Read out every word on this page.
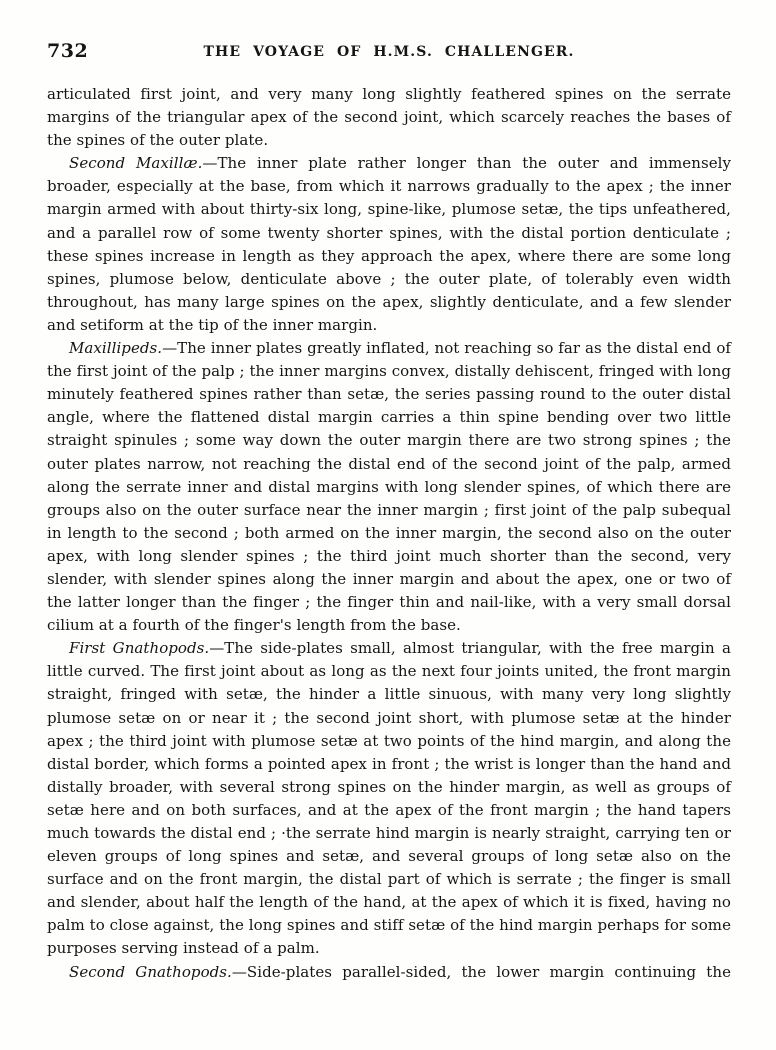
732	THE VOYAGE OF H.M.S. CHALLENGER.

articulated first joint, and very many long slightly feathered spines on the serrate margins of the triangular apex of the second joint, which scarcely reaches the bases of the spines of the outer plate.

Second Maxillæ.—The inner plate rather longer than the outer and immensely broader, especially at the base, from which it narrows gradually to the apex ; the inner margin armed with about thirty-six long, spine-like, plumose setæ, the tips unfeathered, and a parallel row of some twenty shorter spines, with the distal portion denticulate ; these spines increase in length as they approach the apex, where there are some long spines, plumose below, denticulate above ; the outer plate, of tolerably even width throughout, has many large spines on the apex, slightly denticulate, and a few slender and setiform at the tip of the inner margin.

Maxillipeds.—The inner plates greatly inflated, not reaching so far as the distal end of the first joint of the palp ; the inner margins convex, distally dehiscent, fringed with long minutely feathered spines rather than setæ, the series passing round to the outer distal angle, where the flattened distal margin carries a thin spine bending over two little straight spinules ; some way down the outer margin there are two strong spines ; the outer plates narrow, not reaching the distal end of the second joint of the palp, armed along the serrate inner and distal margins with long slender spines, of which there are groups also on the outer surface near the inner margin ; first joint of the palp subequal in length to the second ; both armed on the inner margin, the second also on the outer apex, with long slender spines ; the third joint much shorter than the second, very slender, with slender spines along the inner margin and about the apex, one or two of the latter longer than the finger ; the finger thin and nail-like, with a very small dorsal cilium at a fourth of the finger's length from the base.

First Gnathopods.—The side-plates small, almost triangular, with the free margin a little curved. The first joint about as long as the next four joints united, the front margin straight, fringed with setæ, the hinder a little sinuous, with many very long slightly plumose setæ on or near it ; the second joint short, with plumose setæ at the hinder apex ; the third joint with plumose setæ at two points of the hind margin, and along the distal border, which forms a pointed apex in front ; the wrist is longer than the hand and distally broader, with several strong spines on the hinder margin, as well as groups of setæ here and on both surfaces, and at the apex of the front margin ; the hand tapers much towards the distal end ; ·the serrate hind margin is nearly straight, carrying ten or eleven groups of long spines and setæ, and several groups of long setæ also on the surface and on the front margin, the distal part of which is serrate ; the finger is small and slender, about half the length of the hand, at the apex of which it is fixed, having no palm to close against, the long spines and stiff setæ of the hind margin perhaps for some purposes serving instead of a palm.

Second Gnathopods.—Side-plates parallel-sided, the lower margin continuing the
